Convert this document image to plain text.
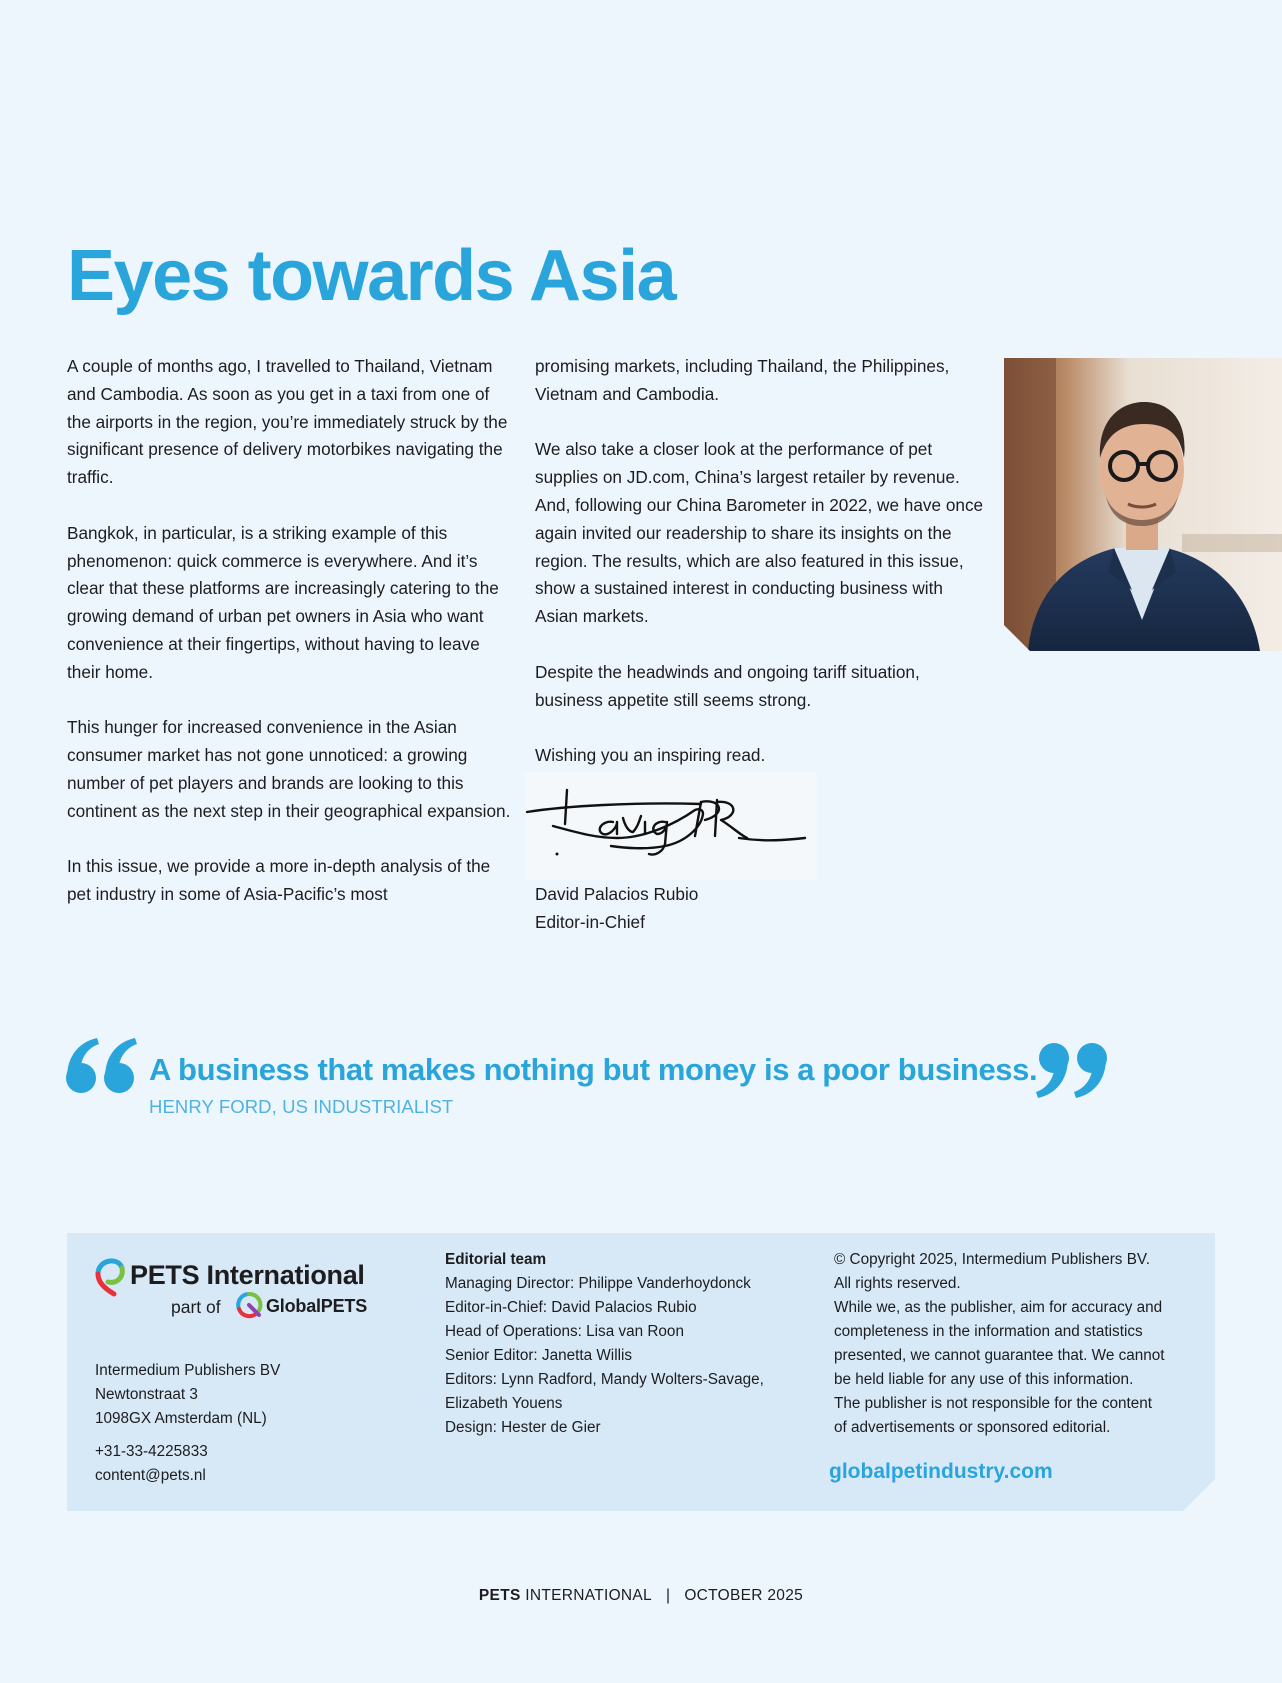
Eyes towards Asia

A couple of months ago, I travelled to Thailand, Vietnam and Cambodia. As soon as you get in a taxi from one of the airports in the region, you’re immediately struck by the significant presence of delivery motorbikes navigating the traffic.

Bangkok, in particular, is a striking example of this phenomenon: quick commerce is everywhere. And it’s clear that these platforms are increasingly catering to the growing demand of urban pet owners in Asia who want convenience at their fingertips, without having to leave their home.

This hunger for increased convenience in the Asian consumer market has not gone unnoticed: a growing number of pet players and brands are looking to this continent as the next step in their geographical expansion.

In this issue, we provide a more in-depth analysis of the pet industry in some of Asia-Pacific’s most

promising markets, including Thailand, the Philippines, Vietnam and Cambodia.

We also take a closer look at the performance of pet supplies on JD.com, China’s largest retailer by revenue. And, following our China Barometer in 2022, we have once again invited our readership to share its insights on the region. The results, which are also featured in this issue, show a sustained interest in conducting business with Asian markets.

Despite the headwinds and ongoing tariff situation, business appetite still seems strong.

Wishing you an inspiring read.

David Palacios Rubio
Editor-in-Chief
A business that makes nothing but money is a poor business.
HENRY FORD, US INDUSTRIALIST
PETS International
part of	GlobalPETS
Intermedium Publishers BV
Newtonstraat 3
1098GX Amsterdam (NL)
+31-33-4225833
content@pets.nl
Editorial team
Managing Director: Philippe Vanderhoydonck
Editor-in-Chief: David Palacios Rubio
Head of Operations: Lisa van Roon
Senior Editor: Janetta Willis
Editors: Lynn Radford, Mandy Wolters-Savage,
Elizabeth Youens
Design: Hester de Gier
© Copyright 2025, Intermedium Publishers BV.
All rights reserved.
While we, as the publisher, aim for accuracy and
completeness in the information and statistics
presented, we cannot guarantee that. We cannot
be held liable for any use of this information.
The publisher is not responsible for the content
of advertisements or sponsored editorial.
globalpetindustry.com
PETS INTERNATIONAL | OCTOBER 2025
